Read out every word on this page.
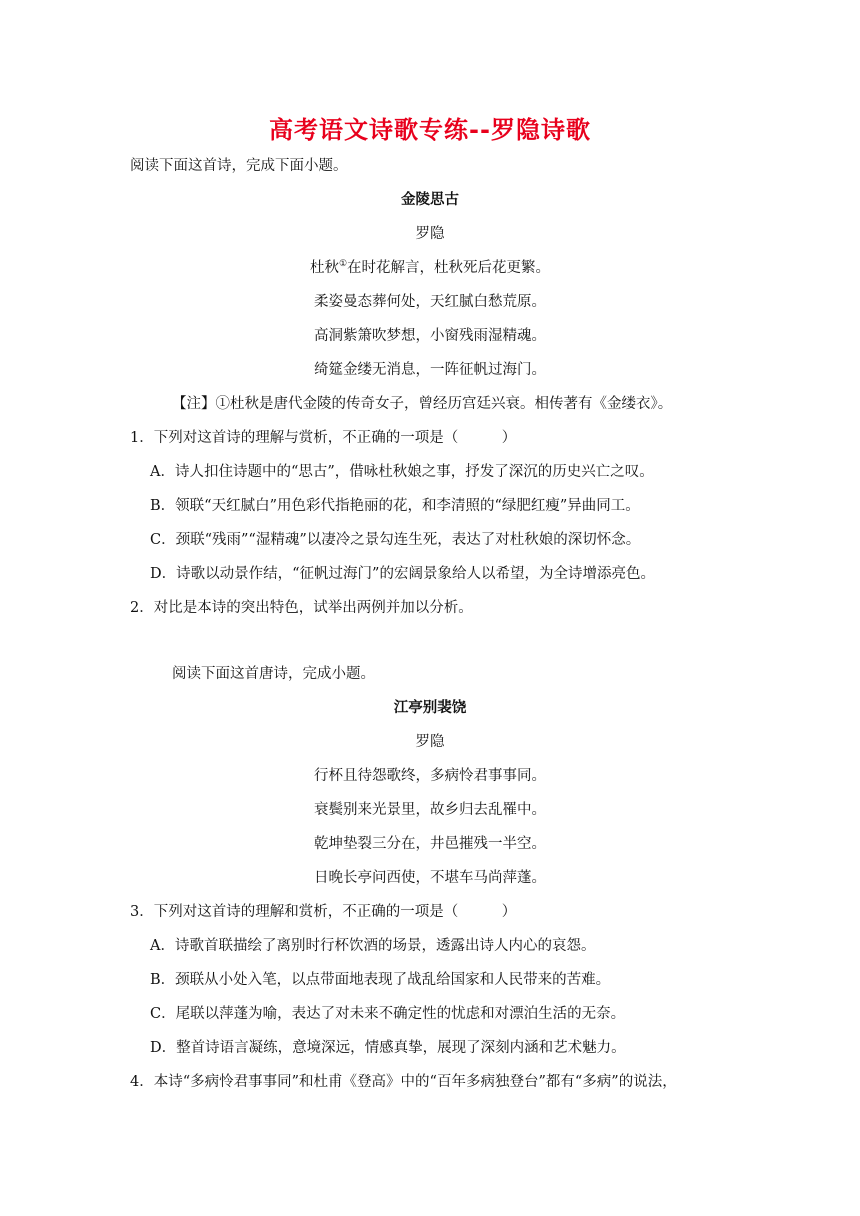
高考语文诗歌专练--罗隐诗歌
阅读下面这首诗，完成下面小题。
金陵思古
罗隐
杜秋①在时花解言，杜秋死后花更繁。
柔姿曼态葬何处，天红腻白愁荒原。
高洞紫箫吹梦想，小窗残雨湿精魂。
绮筵金缕无消息，一阵征帆过海门。
【注】①杜秋是唐代金陵的传奇女子，曾经历宫廷兴衰。相传著有《金缕衣》。
1．下列对这首诗的理解与赏析，不正确的一项是（　　　）
A．诗人扣住诗题中的“思古”，借咏杜秋娘之事，抒发了深沉的历史兴亡之叹。
B．领联“天红腻白”用色彩代指艳丽的花，和李清照的“绿肥红瘦”异曲同工。
C．颈联“残雨”“湿精魂”以凄冷之景勾连生死，表达了对杜秋娘的深切怀念。
D．诗歌以动景作结，“征帆过海门”的宏阔景象给人以希望，为全诗增添亮色。
2．对比是本诗的突出特色，试举出两例并加以分析。
阅读下面这首唐诗，完成小题。
江亭别裴饶
罗隐
行杯且待怨歌终，多病怜君事事同。
衰鬓别来光景里，故乡归去乱罹中。
乾坤垫裂三分在，井邑摧残一半空。
日晚长亭问西使，不堪车马尚萍蓬。
3．下列对这首诗的理解和赏析，不正确的一项是（　　　）
A．诗歌首联描绘了离别时行杯饮酒的场景，透露出诗人内心的哀怨。
B．颈联从小处入笔，以点带面地表现了战乱给国家和人民带来的苦难。
C．尾联以萍蓬为喻，表达了对未来不确定性的忧虑和对漂泊生活的无奈。
D．整首诗语言凝练，意境深远，情感真挚，展现了深刻内涵和艺术魅力。
4．本诗“多病怜君事事同”和杜甫《登高》中的“百年多病独登台”都有“多病”的说法，
